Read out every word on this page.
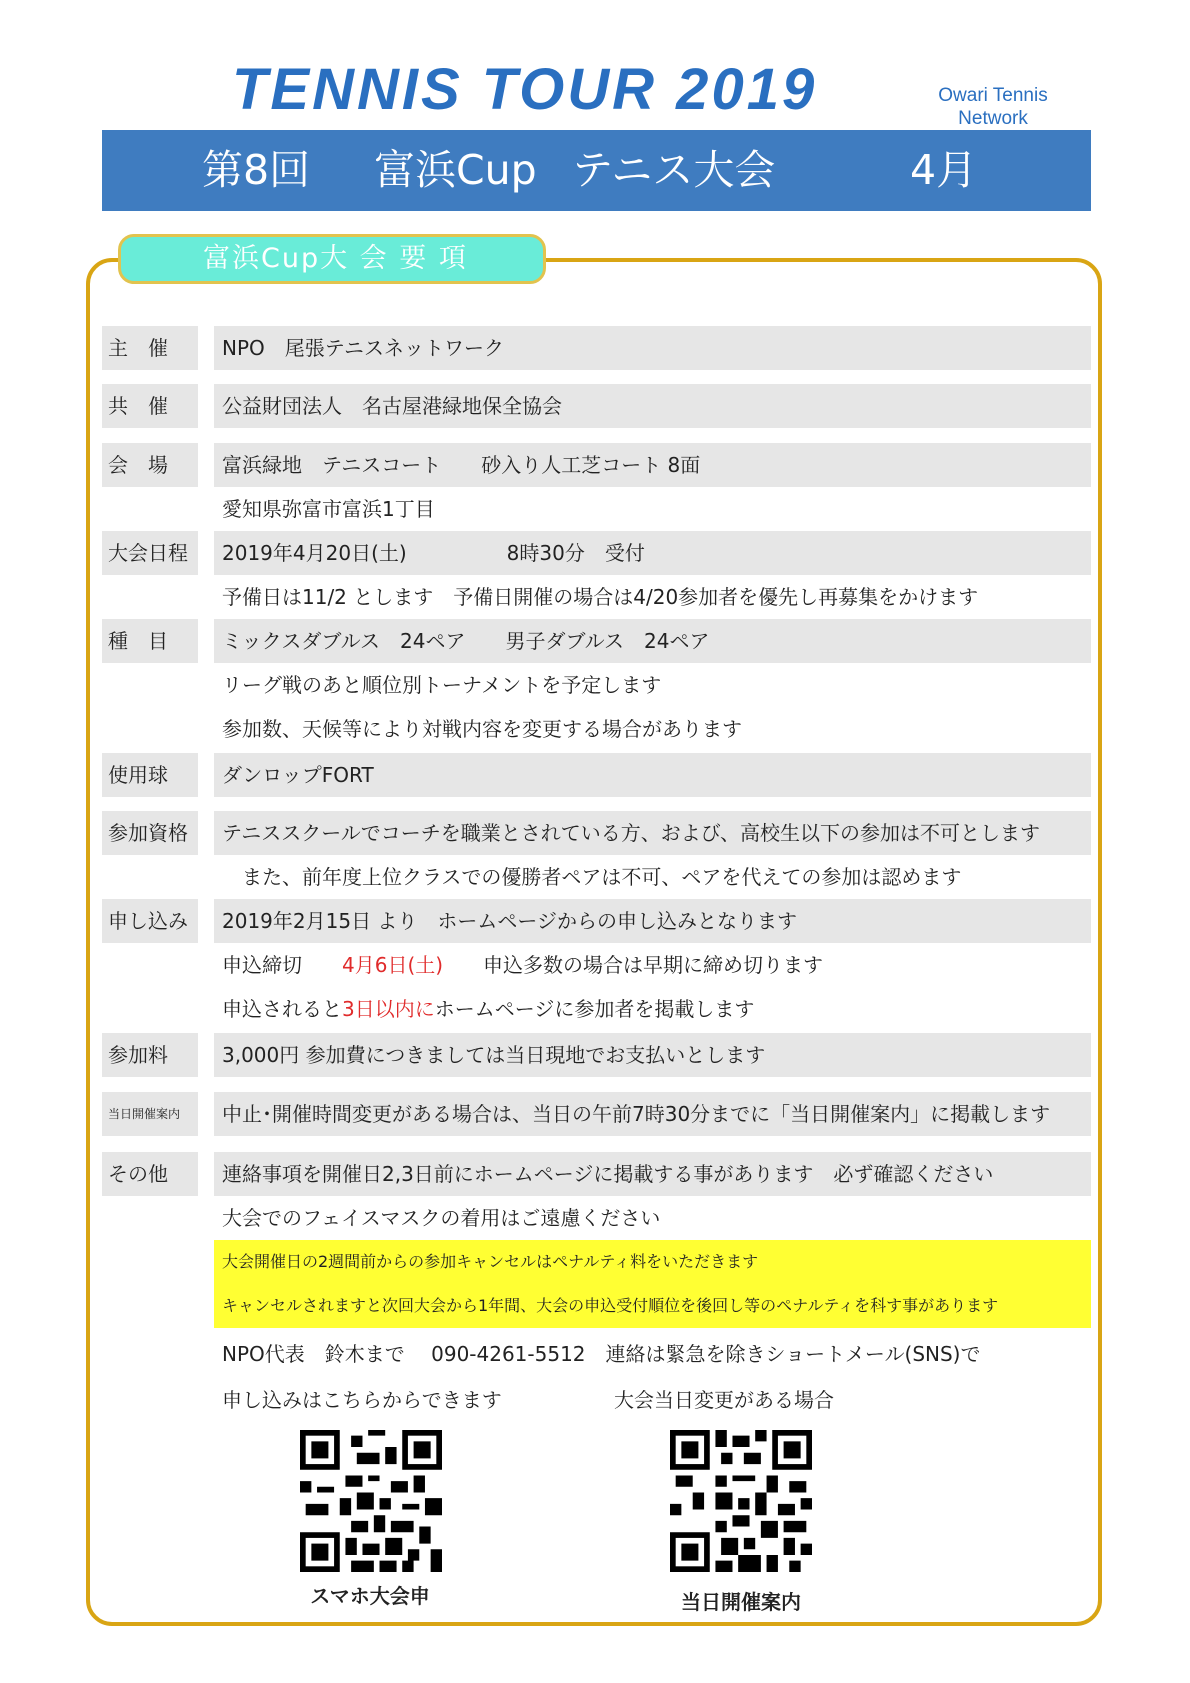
TENNIS TOUR 2019	Owari Tennis
Network

第8回

富浜Cup

テニス大会

	4月

富浜Cup大 会 要 項
主　催	NPO　尾張テニスネットワーク
共　催	公益財団法人　名古屋港緑地保全協会
会　場	富浜緑地　テニスコート　　砂入り人工芝コート 8面
愛知県弥富市富浜1丁目
大会日程	2019年4月20日(土)　　　　　8時30分　受付
予備日は11/2 とします　予備日開催の場合は4/20参加者を優先し再募集をかけます
種　目	ミックスダブルス　24ペア　　男子ダブルス　24ペア
リーグ戦のあと順位別トーナメントを予定します
参加数、天候等により対戦内容を変更する場合があります
使用球	ダンロップFORT
参加資格	テニススクールでコーチを職業とされている方、および、高校生以下の参加は不可とします
　また、前年度上位クラスでの優勝者ペアは不可、ペアを代えての参加は認めます
申し込み	2019年2月15日 より　ホームページからの申し込みとなります
申込締切　　4月6日(土)　　申込多数の場合は早期に締め切ります
申込されると3日以内にホームページに参加者を掲載します
参加料	3,000円 参加費につきましては当日現地でお支払いとします
当日開催案内	中止･開催時間変更がある場合は、当日の午前7時30分までに「当日開催案内」に掲載します
その他	連絡事項を開催日2,3日前にホームページに掲載する事があります　必ず確認ください
大会でのフェイスマスクの着用はご遠慮ください
大会開催日の2週間前からの参加キャンセルはペナルティ料をいただきます
キャンセルされますと次回大会から1年間、大会の申込受付順位を後回し等のペナルティを科す事があります
NPO代表　鈴木まで　 090-4261-5512　連絡は緊急を除きショートメール(SNS)で
申し込みはこちらからできます	大会当日変更がある場合
スマホ大会申	当日開催案内
